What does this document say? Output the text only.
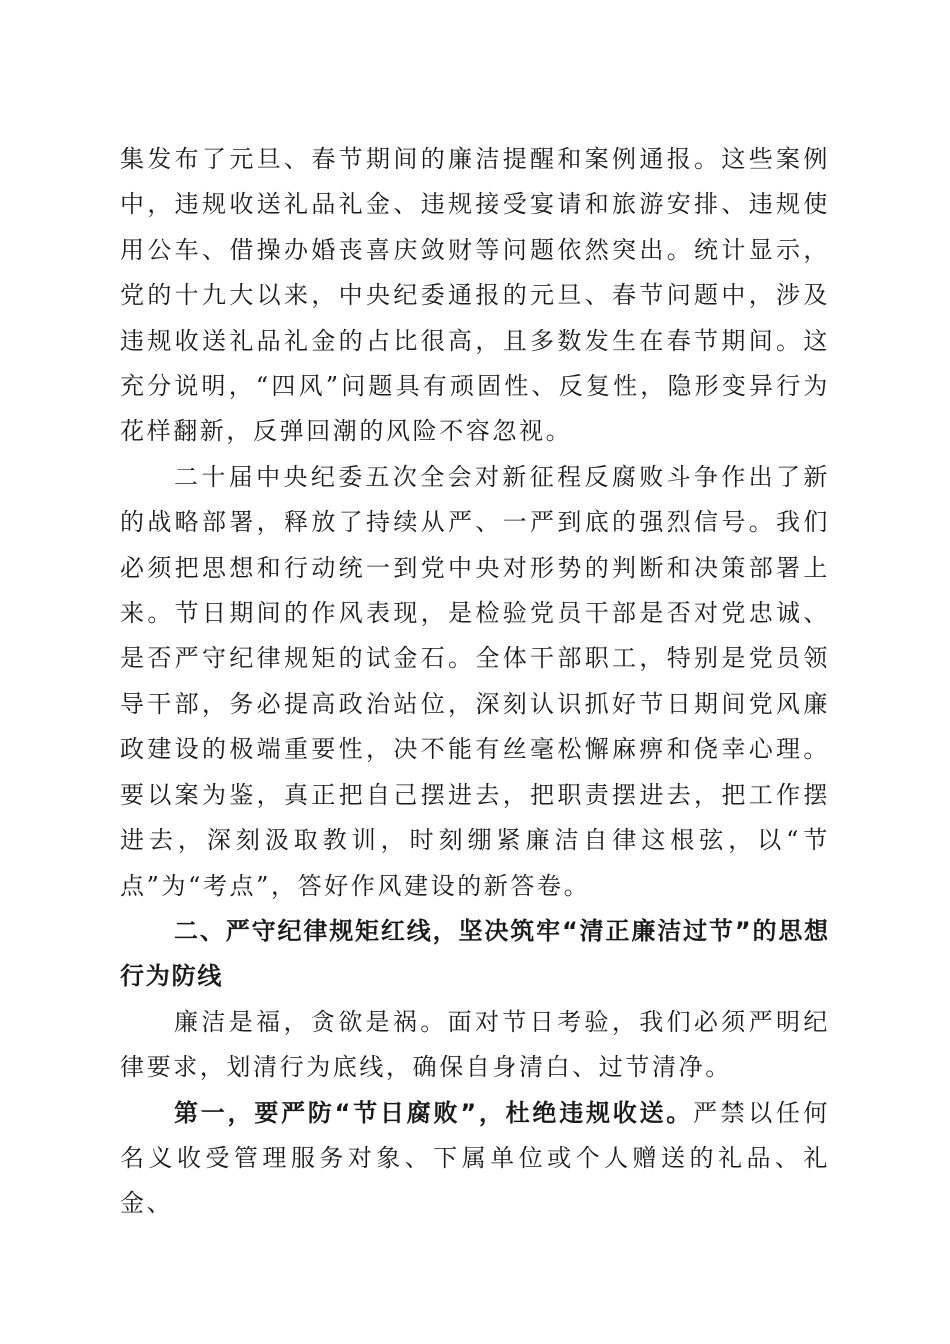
集发布了元旦、春节期间的廉洁提醒和案例通报。这些案例中，违规收送礼品礼金、违规接受宴请和旅游安排、违规使用公车、借操办婚丧喜庆敛财等问题依然突出。统计显示，党的十九大以来，中央纪委通报的元旦、春节问题中，涉及违规收送礼品礼金的占比很高，且多数发生在春节期间。这充分说明，“四风”问题具有顽固性、反复性，隐形变异行为花样翻新，反弹回潮的风险不容忽视。

二十届中央纪委五次全会对新征程反腐败斗争作出了新的战略部署，释放了持续从严、一严到底的强烈信号。我们必须把思想和行动统一到党中央对形势的判断和决策部署上来。节日期间的作风表现，是检验党员干部是否对党忠诚、是否严守纪律规矩的试金石。全体干部职工，特别是党员领导干部，务必提高政治站位，深刻认识抓好节日期间党风廉政建设的极端重要性，决不能有丝毫松懈麻痹和侥幸心理。要以案为鉴，真正把自己摆进去，把职责摆进去，把工作摆进去，深刻汲取教训，时刻绷紧廉洁自律这根弦，以“节点”为“考点”，答好作风建设的新答卷。

二、严守纪律规矩红线，坚决筑牢“清正廉洁过节”的思想行为防线

廉洁是福，贪欲是祸。面对节日考验，我们必须严明纪律要求，划清行为底线，确保自身清白、过节清净。

第一，要严防“节日腐败”，杜绝违规收送。严禁以任何名义收受管理服务对象、下属单位或个人赠送的礼品、礼金、
